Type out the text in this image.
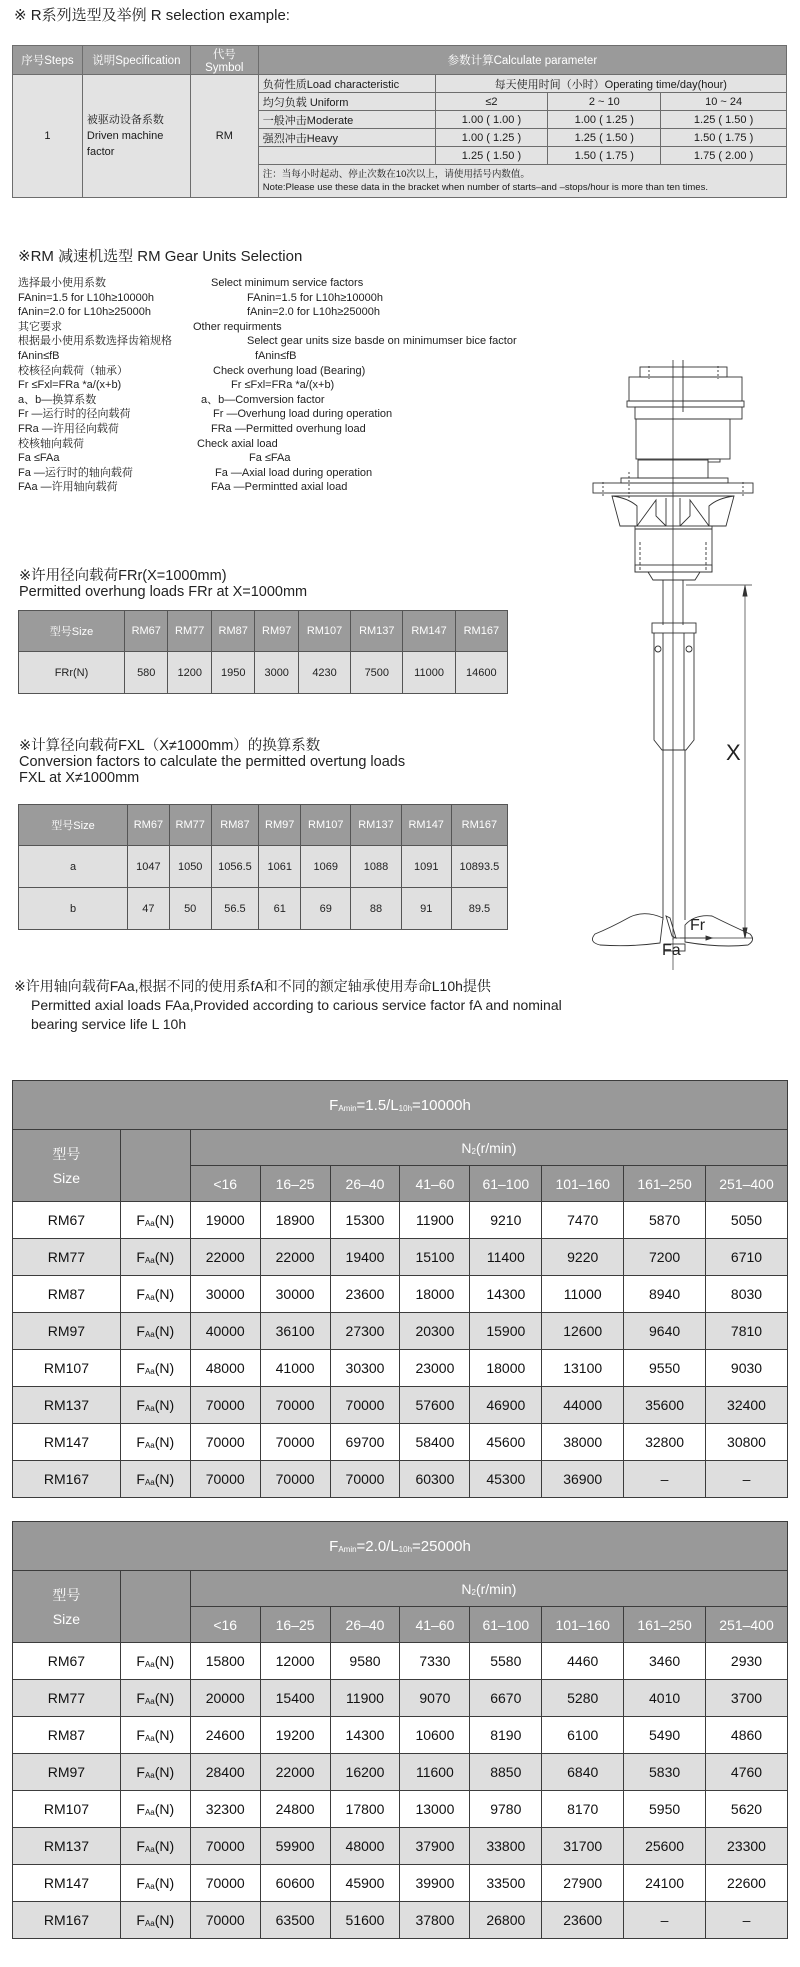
※ R系列选型及举例 R selection example:
序号Steps	说明Specification	代号Symbol	参数计算Calculate parameter			
1	被驱动设备系数
Driven machine
factor	RM	负荷性质Load characteristic	每天使用时间（小时）Operating time/day(hour)		
			均匀负载 Uniform	≤2	2 ~ 10	10 ~ 24
			一般冲击Moderate	1.00 ( 1.00 )	1.00 ( 1.25 )	1.25 ( 1.50 )
			强烈冲击Heavy	1.00 ( 1.25 )	1.25 ( 1.50 )	1.50 ( 1.75 )
				1.25 ( 1.50 )	1.50 ( 1.75 )	1.75 ( 2.00 )

			注：当每小时起动、停止次数在10次以上，请使用括号内数值。
Note:Please use these data in the bracket when number of starts–and –stops/hour is more than ten times.			
※RM 减速机选型 RM Gear Units Selection
选择最小使用系数	Select minimum service factors
FAnin=1.5 for L10h≥10000h	FAnin=1.5 for L10h≥10000h
fAnin=2.0 for L10h≥25000h	fAnin=2.0 for L10h≥25000h
其它要求	Other requirments
根据最小使用系数选择齿箱规格	Select gear units size basde on minimumser bice factor
fAnin≤fB	fAnin≤fB
校核径向载荷（轴承）	Check overhung load (Bearing)
Fr ≤Fxl=FRa *a/(x+b)	Fr ≤Fxl=FRa *a/(x+b)
a、b—换算系数	a、b—Comversion factor
Fr —运行时的径向载荷	Fr —Overhung load during operation
FRa —许用径向载荷	FRa —Permitted overhung load
校核轴向载荷	Check axial load
Fa ≤FAa	Fa ≤FAa
Fa —运行时的轴向载荷	Fa —Axial load during operation
FAa —许用轴向载荷	FAa —Permintted axial load
※许用径向载荷FRr(X=1000mm)
Permitted overhung loads FRr at X=1000mm
型号Size	RM67	RM77	RM87	RM97	RM107	RM137	RM147	RM167
FRr(N)	580	1200	1950	3000	4230	7500	11000	14600
※计算径向载荷FXL（X≠1000mm）的换算系数
Conversion factors to calculate the permitted overtung loads
FXL at X≠1000mm
型号Size	RM67	RM77	RM87	RM97	RM107	RM137	RM147	RM167
a	1047	1050	1056.5	1061	1069	1088	1091	10893.5
b	47	50	56.5	61	69	88	91	89.5
X
Fr
Fa
※许用轴向载荷FAa,根据不同的使用系fA和不同的额定轴承使用寿命L10h提供
Permitted axial loads FAa,Provided according to carious service factor fA and nominal
bearing service life L 10h
$F_{Amin}=1.5/L_{10h}=10000h$									

型号
Size		$N_2(r/\min)$							
		<16	16–25	26–40	41–60	61–100	101–160	161–250	251–400
RM67	$F_{Aa}(N)$	19000	18900	15300	11900	9210	7470	5870	5050
RM77	$F_{Aa}(N)$	22000	22000	19400	15100	11400	9220	7200	6710
RM87	$F_{Aa}(N)$	30000	30000	23600	18000	14300	11000	8940	8030
RM97	$F_{Aa}(N)$	40000	36100	27300	20300	15900	12600	9640	7810
RM107	$F_{Aa}(N)$	48000	41000	30300	23000	18000	13100	9550	9030
RM137	$F_{Aa}(N)$	70000	70000	70000	57600	46900	44000	35600	32400
RM147	$F_{Aa}(N)$	70000	70000	69700	58400	45600	38000	32800	30800
RM167	$F_{Aa}(N)$	70000	70000	70000	60300	45300	36900	–	–
$F_{Amin}=2.0/L_{10h}=25000h$									

型号
Size		$N_2(r/\min)$							
		<16	16–25	26–40	41–60	61–100	101–160	161–250	251–400
RM67	$F_{Aa}(N)$	15800	12000	9580	7330	5580	4460	3460	2930
RM77	$F_{Aa}(N)$	20000	15400	11900	9070	6670	5280	4010	3700
RM87	$F_{Aa}(N)$	24600	19200	14300	10600	8190	6100	5490	4860
RM97	$F_{Aa}(N)$	28400	22000	16200	11600	8850	6840	5830	4760
RM107	$F_{Aa}(N)$	32300	24800	17800	13000	9780	8170	5950	5620
RM137	$F_{Aa}(N)$	70000	59900	48000	37900	33800	31700	25600	23300
RM147	$F_{Aa}(N)$	70000	60600	45900	39900	33500	27900	24100	22600
RM167	$F_{Aa}(N)$	70000	63500	51600	37800	26800	23600	–	–
